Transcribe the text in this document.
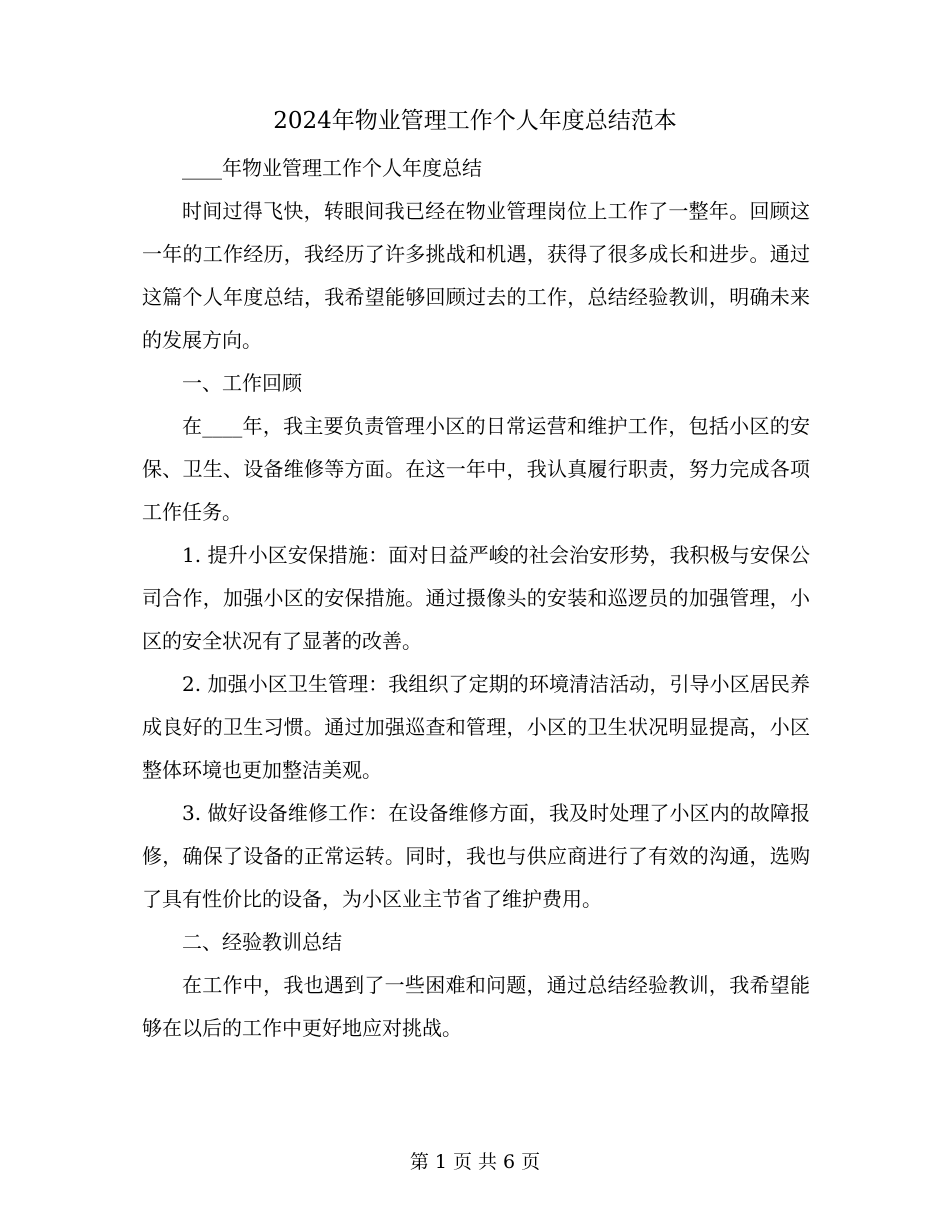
2024年物业管理工作个人年度总结范本

____年物业管理工作个人年度总结

时间过得飞快，转眼间我已经在物业管理岗位上工作了一整年。回顾这一年的工作经历，我经历了许多挑战和机遇，获得了很多成长和进步。通过这篇个人年度总结，我希望能够回顾过去的工作，总结经验教训，明确未来的发展方向。

一、工作回顾

在____年，我主要负责管理小区的日常运营和维护工作，包括小区的安保、卫生、设备维修等方面。在这一年中，我认真履行职责，努力完成各项工作任务。

1. 提升小区安保措施：面对日益严峻的社会治安形势，我积极与安保公司合作，加强小区的安保措施。通过摄像头的安装和巡逻员的加强管理，小区的安全状况有了显著的改善。

2. 加强小区卫生管理：我组织了定期的环境清洁活动，引导小区居民养成良好的卫生习惯。通过加强巡查和管理，小区的卫生状况明显提高，小区整体环境也更加整洁美观。

3. 做好设备维修工作：在设备维修方面，我及时处理了小区内的故障报修，确保了设备的正常运转。同时，我也与供应商进行了有效的沟通，选购了具有性价比的设备，为小区业主节省了维护费用。

二、经验教训总结

在工作中，我也遇到了一些困难和问题，通过总结经验教训，我希望能够在以后的工作中更好地应对挑战。

第 1 页 共 6 页
